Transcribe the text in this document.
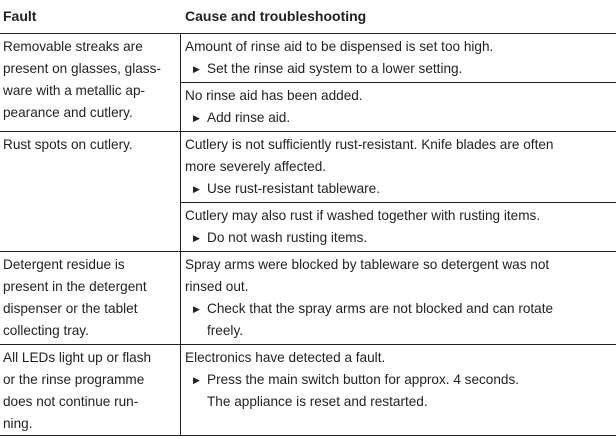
Fault	Cause and troubleshooting
Removable streaks are
present on glasses, glass-
ware with a metallic ap-
pearance and cutlery.
Amount of rinse aid to be dispensed is set too high.
▶ Set the rinse aid system to a lower setting.
No rinse aid has been added.
▶ Add rinse aid.
Rust spots on cutlery.	Cutlery is not sufficiently rust-resistant. Knife blades are often
more severely affected.
▶ Use rust-resistant tableware.
Cutlery may also rust if washed together with rusting items.
▶ Do not wash rusting items.
Detergent residue is
present in the detergent
dispenser or the tablet
collecting tray.
Spray arms were blocked by tableware so detergent was not
rinsed out.
▶ Check that the spray arms are not blocked and can rotate
freely.
All LEDs light up or flash
or the rinse programme
does not continue run-
ning.
Electronics have detected a fault.
▶ Press the main switch button for approx. 4 seconds.
The appliance is reset and restarted.
